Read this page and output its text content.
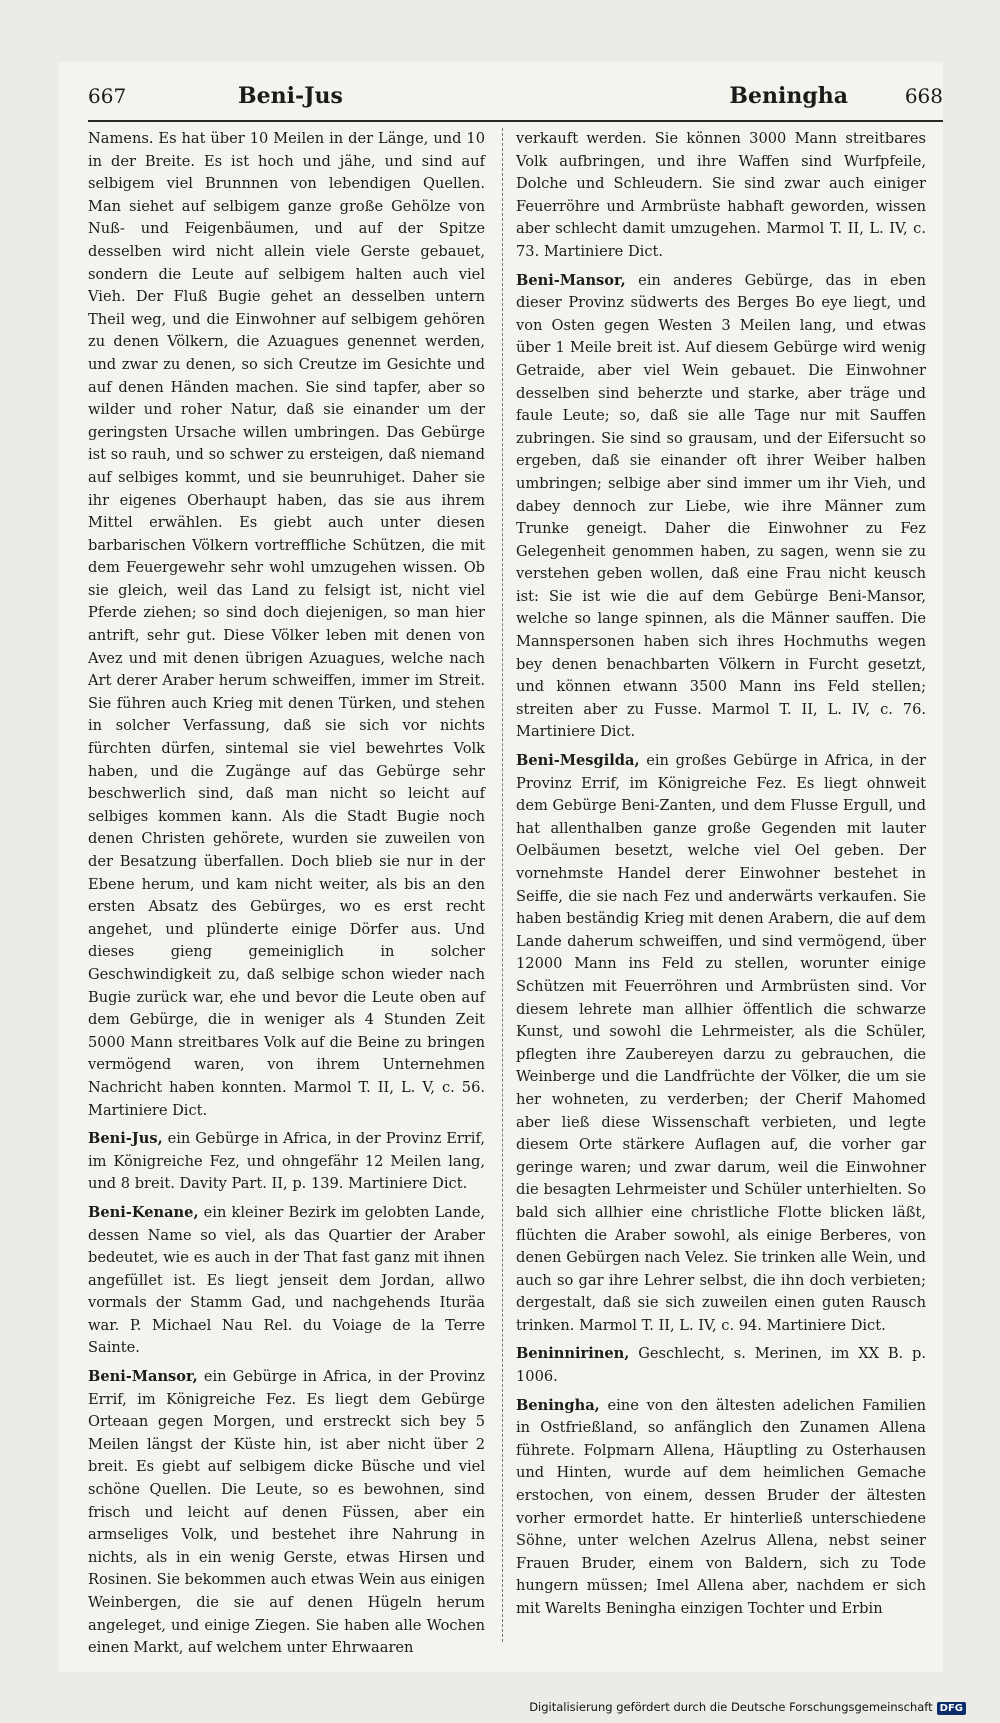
667	Beni-Jus	Beningha	668

Namens. Es hat über 10 Meilen in der Länge, und 10 in der Breite. Es ist hoch und jähe, und sind auf selbigem viel Brunnnen von lebendigen Quellen. Man siehet auf selbigem ganze große Gehölze von Nuß- und Feigenbäumen, und auf der Spitze desselben wird nicht allein viele Gerste gebauet, sondern die Leute auf selbigem halten auch viel Vieh. Der Fluß Bugie gehet an desselben untern Theil weg, und die Einwohner auf selbigem gehören zu denen Völkern, die Azuagues genennet werden, und zwar zu denen, so sich Creutze im Gesichte und auf denen Händen machen. Sie sind tapfer, aber so wilder und roher Natur, daß sie einander um der geringsten Ursache willen umbringen. Das Gebürge ist so rauh, und so schwer zu ersteigen, daß niemand auf selbiges kommt, und sie beunruhiget. Daher sie ihr eigenes Oberhaupt haben, das sie aus ihrem Mittel erwählen. Es giebt auch unter diesen barbarischen Völkern vortreffliche Schützen, die mit dem Feuergewehr sehr wohl umzugehen wissen. Ob sie gleich, weil das Land zu felsigt ist, nicht viel Pferde ziehen; so sind doch diejenigen, so man hier antrift, sehr gut. Diese Völker leben mit denen von Avez und mit denen übrigen Azuagues, welche nach Art derer Araber herum schweiffen, immer im Streit. Sie führen auch Krieg mit denen Türken, und stehen in solcher Verfassung, daß sie sich vor nichts fürchten dürfen, sintemal sie viel bewehrtes Volk haben, und die Zugänge auf das Gebürge sehr beschwerlich sind, daß man nicht so leicht auf selbiges kommen kann. Als die Stadt Bugie noch denen Christen gehörete, wurden sie zuweilen von der Besatzung überfallen. Doch blieb sie nur in der Ebene herum, und kam nicht weiter, als bis an den ersten Absatz des Gebürges, wo es erst recht angehet, und plünderte einige Dörfer aus. Und dieses gieng gemeiniglich in solcher Geschwindigkeit zu, daß selbige schon wieder nach Bugie zurück war, ehe und bevor die Leute oben auf dem Gebürge, die in weniger als 4 Stunden Zeit 5000 Mann streitbares Volk auf die Beine zu bringen vermögend waren, von ihrem Unternehmen Nachricht haben konnten. Marmol T. II, L. V, c. 56. Martiniere Dict.

Beni-Jus, ein Gebürge in Africa, in der Provinz Errif, im Königreiche Fez, und ohngefähr 12 Meilen lang, und 8 breit. Davity Part. II, p. 139. Martiniere Dict.

Beni-Kenane, ein kleiner Bezirk im gelobten Lande, dessen Name so viel, als das Quartier der Araber bedeutet, wie es auch in der That fast ganz mit ihnen angefüllet ist. Es liegt jenseit dem Jordan, allwo vormals der Stamm Gad, und nachgehends Ituräa war. P. Michael Nau Rel. du Voiage de la Terre Sainte.

Beni-Mansor, ein Gebürge in Africa, in der Provinz Errif, im Königreiche Fez. Es liegt dem Gebürge Orteaan gegen Morgen, und erstreckt sich bey 5 Meilen längst der Küste hin, ist aber nicht über 2 breit. Es giebt auf selbigem dicke Büsche und viel schöne Quellen. Die Leute, so es bewohnen, sind frisch und leicht auf denen Füssen, aber ein armseliges Volk, und bestehet ihre Nahrung in nichts, als in ein wenig Gerste, etwas Hirsen und Rosinen. Sie bekommen auch etwas Wein aus einigen Weinbergen, die sie auf denen Hügeln herum angeleget, und einige Ziegen. Sie haben alle Wochen einen Markt, auf welchem unter Ehrwaaren

verkauft werden. Sie können 3000 Mann streitbares Volk aufbringen, und ihre Waffen sind Wurfpfeile, Dolche und Schleudern. Sie sind zwar auch einiger Feuerröhre und Armbrüste habhaft geworden, wissen aber schlecht damit umzugehen. Marmol T. II, L. IV, c. 73. Martiniere Dict.

Beni-Mansor, ein anderes Gebürge, das in eben dieser Provinz südwerts des Berges Bo eye liegt, und von Osten gegen Westen 3 Meilen lang, und etwas über 1 Meile breit ist. Auf diesem Gebürge wird wenig Getraide, aber viel Wein gebauet. Die Einwohner desselben sind beherzte und starke, aber träge und faule Leute; so, daß sie alle Tage nur mit Sauffen zubringen. Sie sind so grausam, und der Eifersucht so ergeben, daß sie einander oft ihrer Weiber halben umbringen; selbige aber sind immer um ihr Vieh, und dabey dennoch zur Liebe, wie ihre Männer zum Trunke geneigt. Daher die Einwohner zu Fez Gelegenheit genommen haben, zu sagen, wenn sie zu verstehen geben wollen, daß eine Frau nicht keusch ist: Sie ist wie die auf dem Gebürge Beni-Mansor, welche so lange spinnen, als die Männer sauffen. Die Mannspersonen haben sich ihres Hochmuths wegen bey denen benachbarten Völkern in Furcht gesetzt, und können etwann 3500 Mann ins Feld stellen; streiten aber zu Fusse. Marmol T. II, L. IV, c. 76. Martiniere Dict.

Beni-Mesgilda, ein großes Gebürge in Africa, in der Provinz Errif, im Königreiche Fez. Es liegt ohnweit dem Gebürge Beni-Zanten, und dem Flusse Ergull, und hat allenthalben ganze große Gegenden mit lauter Oelbäumen besetzt, welche viel Oel geben. Der vornehmste Handel derer Einwohner bestehet in Seiffe, die sie nach Fez und anderwärts verkaufen. Sie haben beständig Krieg mit denen Arabern, die auf dem Lande daherum schweiffen, und sind vermögend, über 12000 Mann ins Feld zu stellen, worunter einige Schützen mit Feuerröhren und Armbrüsten sind. Vor diesem lehrete man allhier öffentlich die schwarze Kunst, und sowohl die Lehrmeister, als die Schüler, pflegten ihre Zaubereyen darzu zu gebrauchen, die Weinberge und die Landfrüchte der Völker, die um sie her wohneten, zu verderben; der Cherif Mahomed aber ließ diese Wissenschaft verbieten, und legte diesem Orte stärkere Auflagen auf, die vorher gar geringe waren; und zwar darum, weil die Einwohner die besagten Lehrmeister und Schüler unterhielten. So bald sich allhier eine christliche Flotte blicken läßt, flüchten die Araber sowohl, als einige Berberes, von denen Gebürgen nach Velez. Sie trinken alle Wein, und auch so gar ihre Lehrer selbst, die ihn doch verbieten; dergestalt, daß sie sich zuweilen einen guten Rausch trinken. Marmol T. II, L. IV, c. 94. Martiniere Dict.

Beninnirinen, Geschlecht, s. Merinen, im XX B. p. 1006.

Beningha, eine von den ältesten adelichen Familien in Ostfrießland, so anfänglich den Zunamen Allena führete. Folpmarn Allena, Häuptling zu Osterhausen und Hinten, wurde auf dem heimlichen Gemache erstochen, von einem, dessen Bruder der ältesten vorher ermordet hatte. Er hinterließ unterschiedene Söhne, unter welchen Azelrus Allena, nebst seiner Frauen Bruder, einem von Baldern, sich zu Tode hungern müssen; Imel Allena aber, nachdem er sich mit Warelts Beningha einzigen Tochter und Erbin

Digitalisierung gefördert durch die Deutsche Forschungsgemeinschaft DFG
